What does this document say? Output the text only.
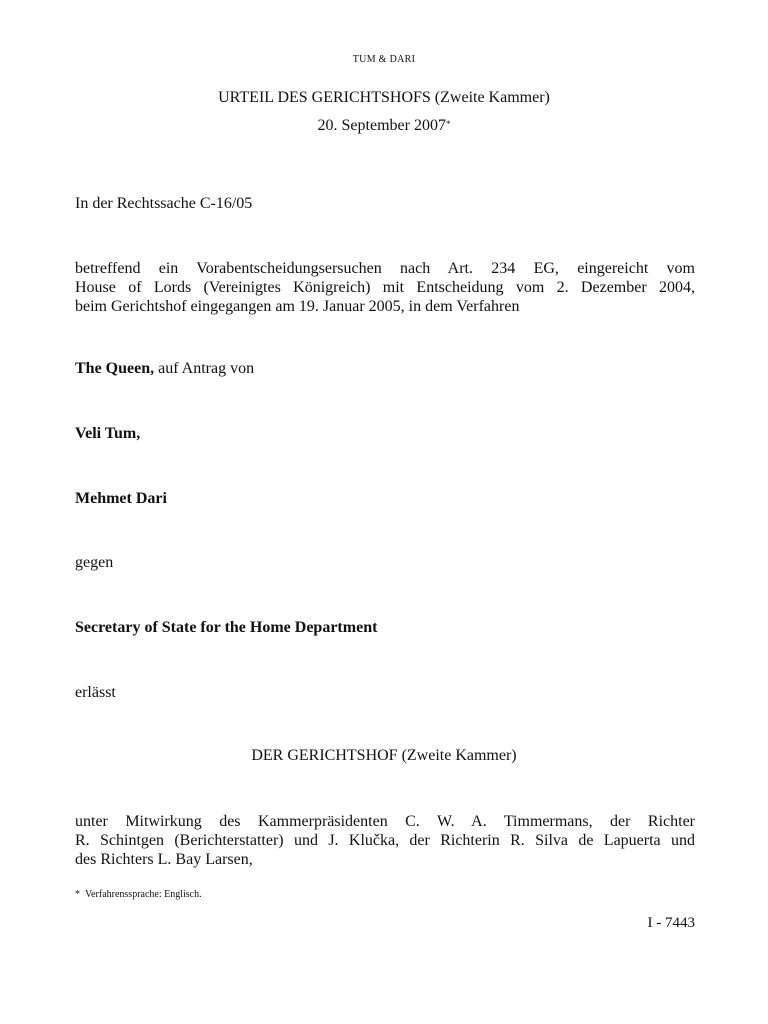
TUM & DARI
URTEIL DES GERICHTSHOFS (Zweite Kammer)
20. September 2007*
In der Rechtssache C-16/05
betreffend ein Vorabentscheidungsersuchen nach Art. 234 EG, eingereicht vom
House of Lords (Vereinigtes Königreich) mit Entscheidung vom 2. Dezember 2004,
beim Gerichtshof eingegangen am 19. Januar 2005, in dem Verfahren
The Queen, auf Antrag von
Veli Tum,
Mehmet Dari
gegen
Secretary of State for the Home Department
erlässt
DER GERICHTSHOF (Zweite Kammer)
unter Mitwirkung des Kammerpräsidenten C. W. A. Timmermans, der Richter
R. Schintgen (Berichterstatter) und J. Klučka, der Richterin R. Silva de Lapuerta und
des Richters L. Bay Larsen,
* Verfahrenssprache: Englisch.
I - 7443
